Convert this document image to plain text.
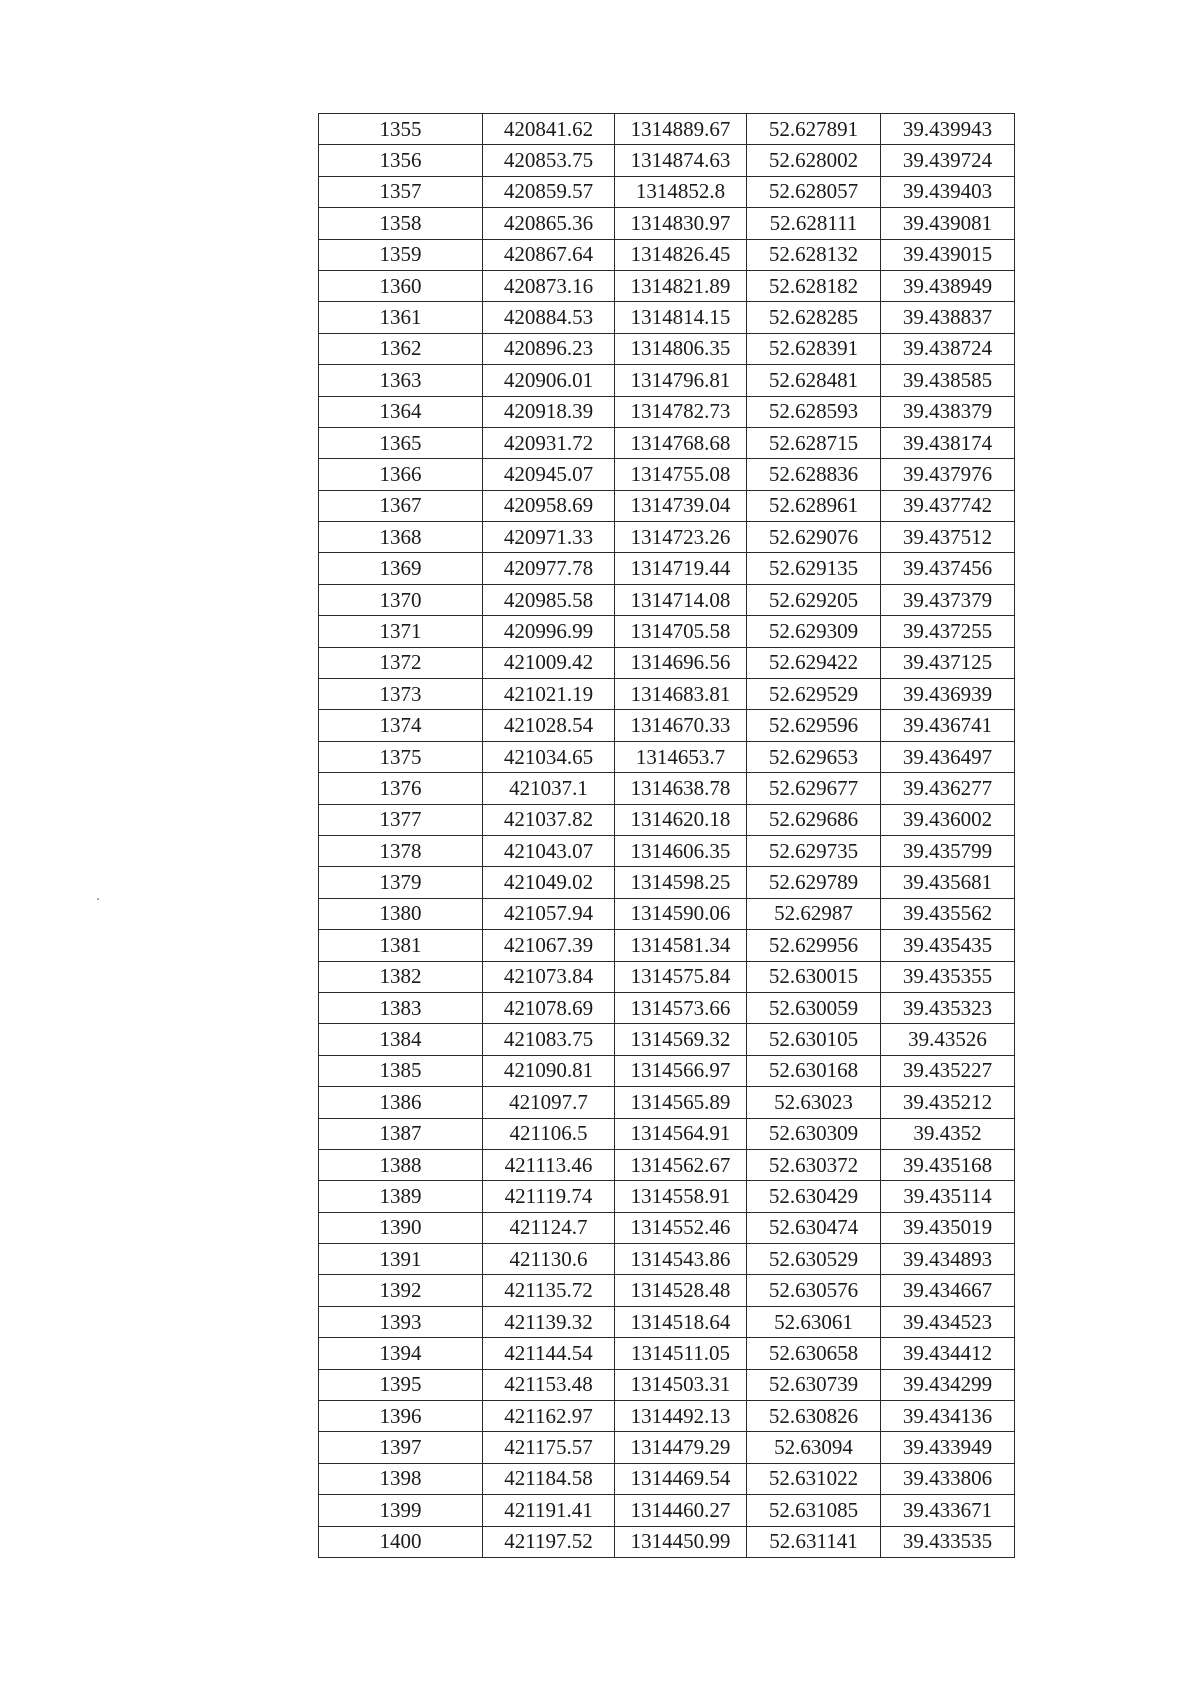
1355	420841.62	1314889.67	52.627891	39.439943
1356	420853.75	1314874.63	52.628002	39.439724
1357	420859.57	1314852.8	52.628057	39.439403
1358	420865.36	1314830.97	52.628111	39.439081
1359	420867.64	1314826.45	52.628132	39.439015
1360	420873.16	1314821.89	52.628182	39.438949
1361	420884.53	1314814.15	52.628285	39.438837
1362	420896.23	1314806.35	52.628391	39.438724
1363	420906.01	1314796.81	52.628481	39.438585
1364	420918.39	1314782.73	52.628593	39.438379
1365	420931.72	1314768.68	52.628715	39.438174
1366	420945.07	1314755.08	52.628836	39.437976
1367	420958.69	1314739.04	52.628961	39.437742
1368	420971.33	1314723.26	52.629076	39.437512
1369	420977.78	1314719.44	52.629135	39.437456
1370	420985.58	1314714.08	52.629205	39.437379
1371	420996.99	1314705.58	52.629309	39.437255
1372	421009.42	1314696.56	52.629422	39.437125
1373	421021.19	1314683.81	52.629529	39.436939
1374	421028.54	1314670.33	52.629596	39.436741
1375	421034.65	1314653.7	52.629653	39.436497
1376	421037.1	1314638.78	52.629677	39.436277
1377	421037.82	1314620.18	52.629686	39.436002
1378	421043.07	1314606.35	52.629735	39.435799
1379	421049.02	1314598.25	52.629789	39.435681
1380	421057.94	1314590.06	52.62987	39.435562
1381	421067.39	1314581.34	52.629956	39.435435
1382	421073.84	1314575.84	52.630015	39.435355
1383	421078.69	1314573.66	52.630059	39.435323
1384	421083.75	1314569.32	52.630105	39.43526
1385	421090.81	1314566.97	52.630168	39.435227
1386	421097.7	1314565.89	52.63023	39.435212
1387	421106.5	1314564.91	52.630309	39.4352
1388	421113.46	1314562.67	52.630372	39.435168
1389	421119.74	1314558.91	52.630429	39.435114
1390	421124.7	1314552.46	52.630474	39.435019
1391	421130.6	1314543.86	52.630529	39.434893
1392	421135.72	1314528.48	52.630576	39.434667
1393	421139.32	1314518.64	52.63061	39.434523
1394	421144.54	1314511.05	52.630658	39.434412
1395	421153.48	1314503.31	52.630739	39.434299
1396	421162.97	1314492.13	52.630826	39.434136
1397	421175.57	1314479.29	52.63094	39.433949
1398	421184.58	1314469.54	52.631022	39.433806
1399	421191.41	1314460.27	52.631085	39.433671
1400	421197.52	1314450.99	52.631141	39.433535
